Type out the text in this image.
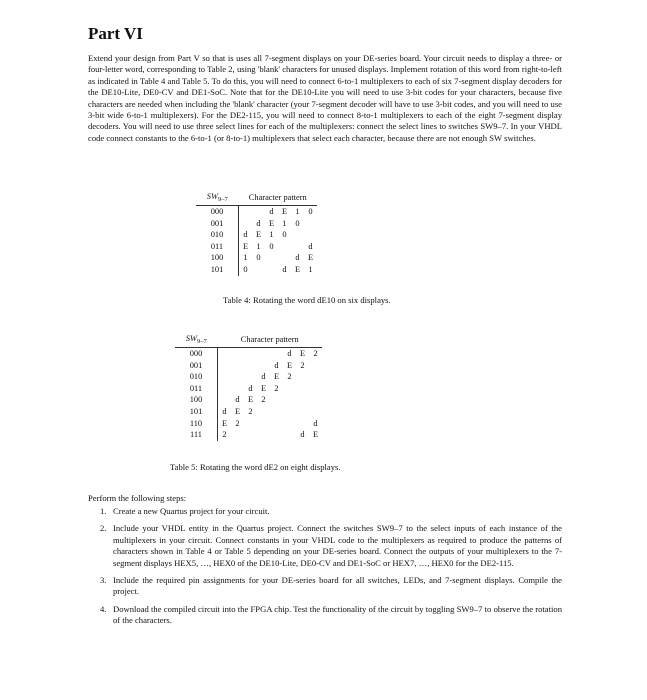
Part VI

Extend your design from Part V so that is uses all 7-segment displays on your DE-series board. Your circuit needs to display a three- or four-letter word, corresponding to Table 2, using 'blank' characters for unused displays. Implement rotation of this word from right-to-left as indicated in Table 4 and Table 5. To do this, you will need to connect 6-to-1 multiplexers to each of six 7-segment display decoders for the DE10-Lite, DE0-CV and DE1-SoC. Note that for the DE10-Lite you will need to use 3-bit codes for your characters, because five characters are needed when including the 'blank' character (your 7-segment decoder will have to use 3-bit codes, and you will need to use 3-bit wide 6-to-1 multiplexers). For the DE2-115, you will need to connect 8-to-1 multiplexers to each of the eight 7-segment display decoders. You will need to use three select lines for each of the multiplexers: connect the select lines to switches SW9–7. In your VHDL code connect constants to the 6-to-1 (or 8-to-1) multiplexers that select each character, because there are not enough SW switches.

$SW_{9-7}$	Character pattern					
000			d	E	1	0
001		d	E	1	0	
010	d	E	1	0		
011	E	1	0			d
100	1	0			d	E
101	0			d	E	1

Table 4: Rotating the word dE10 on six displays.

$SW_{9-7}$	Character pattern							
000						d	E	2
001					d	E	2	
010				d	E	2		
011			d	E	2			
100		d	E	2				
101	d	E	2					
110	E	2						d
111	2						d	E

Table 5: Rotating the word dE2 on eight displays.

Perform the following steps:

1. Create a new Quartus project for your circuit.
2. Include your VHDL entity in the Quartus project. Connect the switches SW9–7 to the select inputs of each instance of the multiplexers in your circuit. Connect constants in your VHDL code to the multiplexers as required to produce the patterns of characters shown in Table 4 or Table 5 depending on your DE-series board. Connect the outputs of your multiplexers to the 7-segment displays HEX5, …, HEX0 of the DE10-Lite, DE0-CV and DE1-SoC or HEX7, …, HEX0 for the DE2-115.
3. Include the required pin assignments for your DE-series board for all switches, LEDs, and 7-segment displays. Compile the project.
4. Download the compiled circuit into the FPGA chip. Test the functionality of the circuit by toggling SW9–7 to observe the rotation of the characters.
